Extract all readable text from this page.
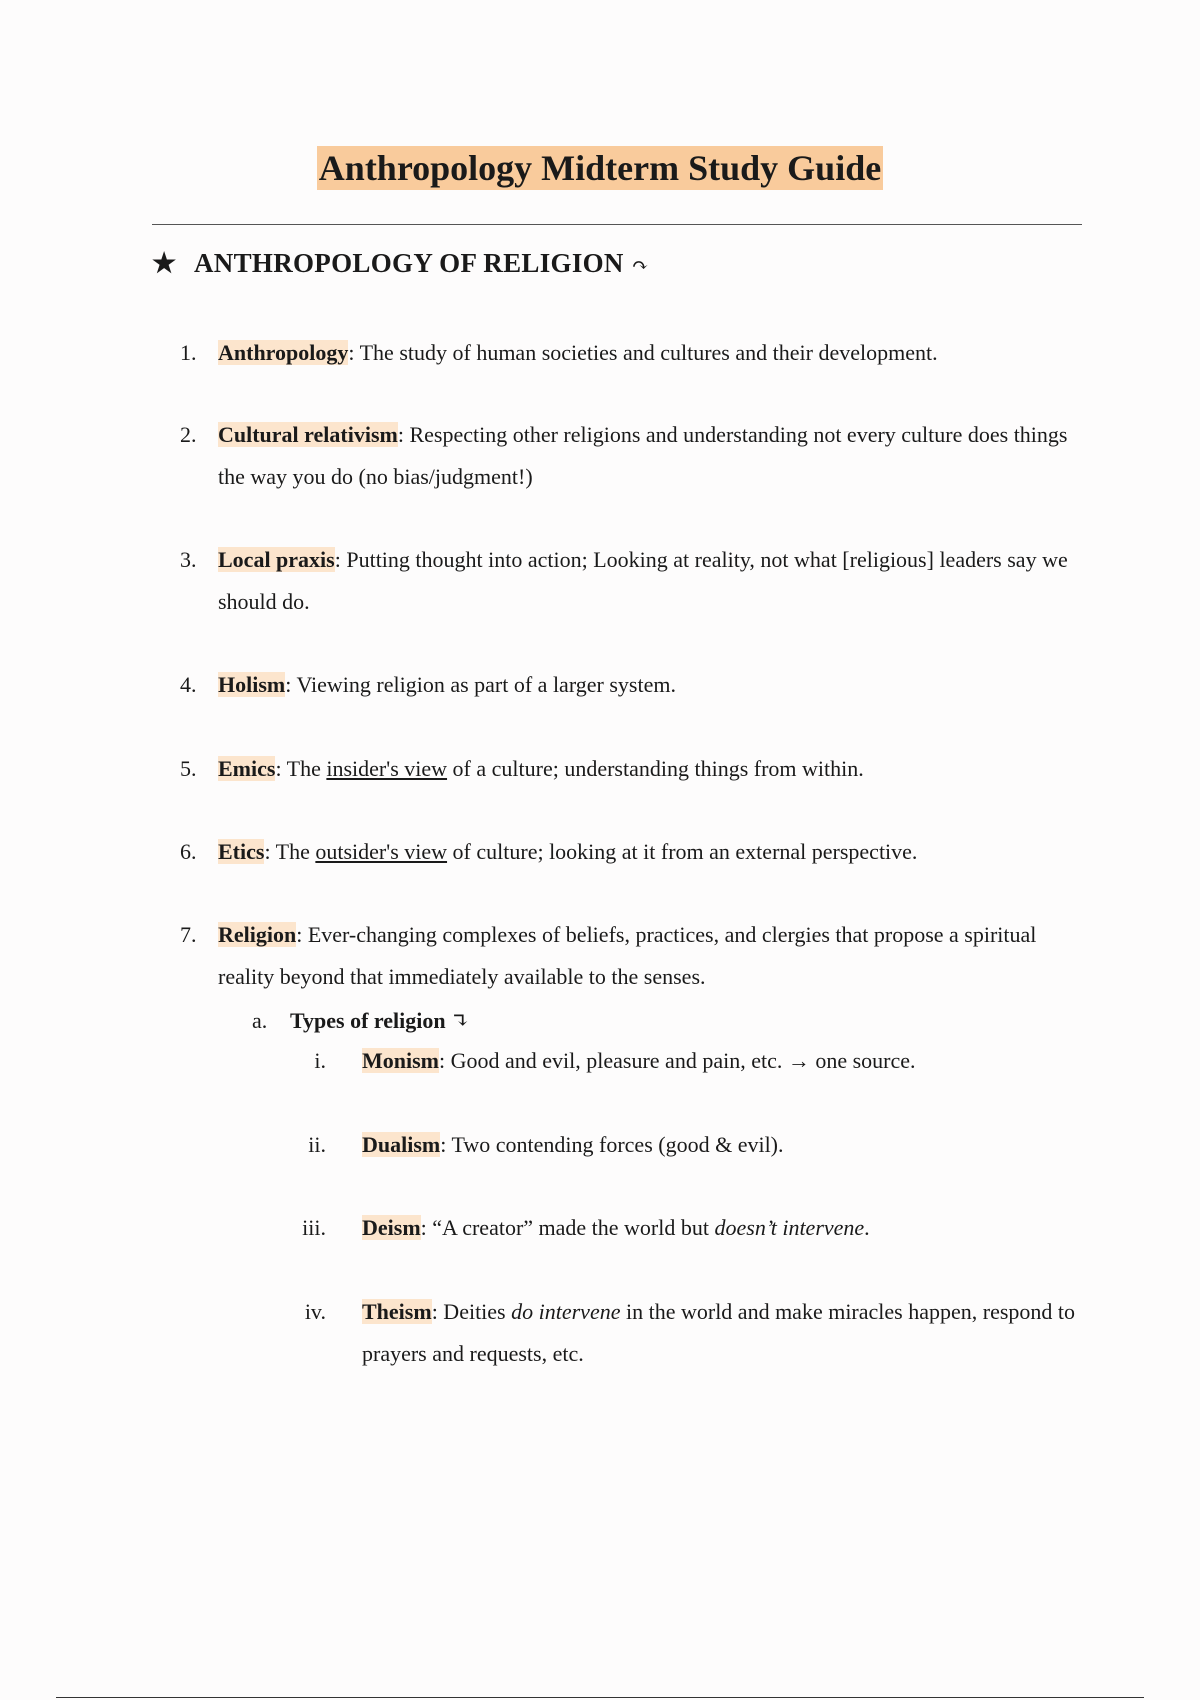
Anthropology Midterm Study Guide
★ ANTHROPOLOGY OF RELIGION ↷
1. Anthropology: The study of human societies and cultures and their development.
2. Cultural relativism: Respecting other religions and understanding not every culture does things the way you do (no bias/judgment!)
3. Local praxis: Putting thought into action; Looking at reality, not what [religious] leaders say we should do.
4. Holism: Viewing religion as part of a larger system.
5. Emics: The insider's view of a culture; understanding things from within.
6. Etics: The outsider's view of culture; looking at it from an external perspective.
7. Religion: Ever-changing complexes of beliefs, practices, and clergies that propose a spiritual reality beyond that immediately available to the senses.
a. Types of religion ↴
i. Monism: Good and evil, pleasure and pain, etc. → one source.
ii. Dualism: Two contending forces (good & evil).
iii. Deism: “A creator” made the world but doesn’t intervene.
iv. Theism: Deities do intervene in the world and make miracles happen, respond to prayers and requests, etc.
